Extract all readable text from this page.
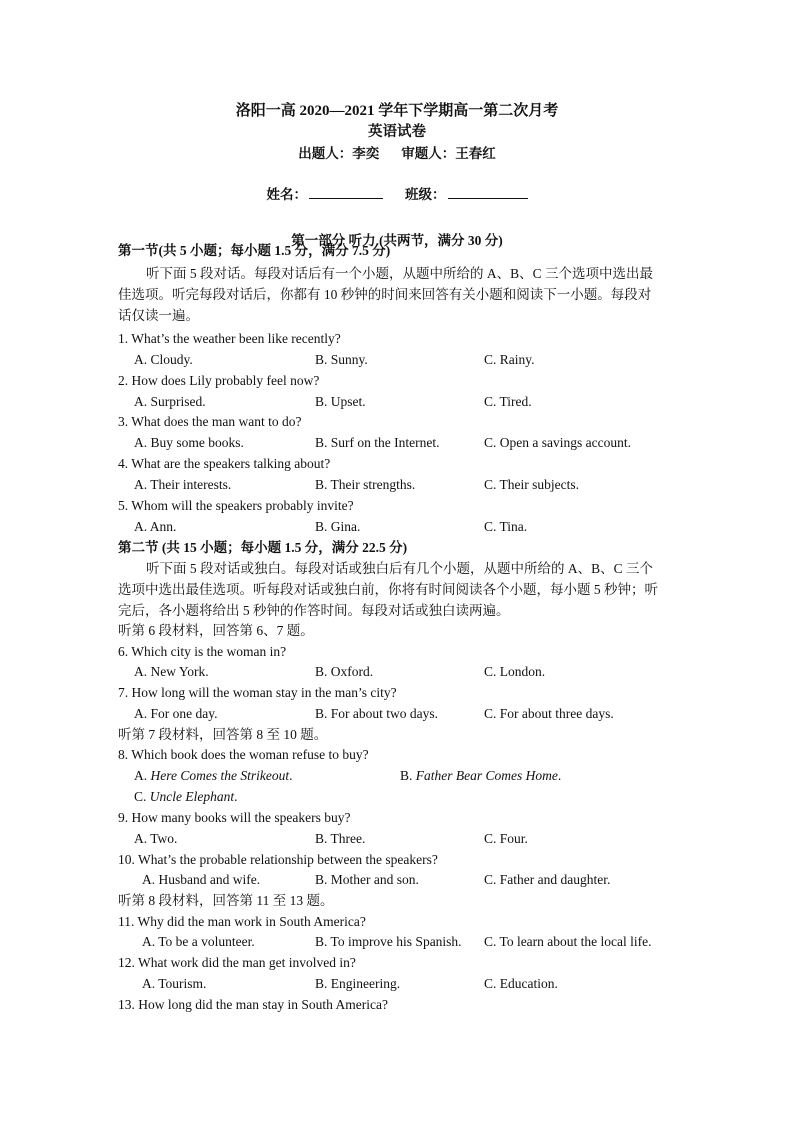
洛阳一高 2020—2021 学年下学期高一第二次月考
英语试卷
出题人：李奕 审题人：王春红
姓名：	班级：
第一部分 听力 (共两节，满分 30 分)
第一节(共 5 小题；每小题 1.5 分，满分 7.5 分)

听下面 5 段对话。每段对话后有一个小题，从题中所给的 A、B、C 三个选项中选出最

佳选项。听完每段对话后，你都有 10 秒钟的时间来回答有关小题和阅读下一小题。每段对

话仅读一遍。

1. What’s the weather been like recently?
A. Cloudy.	B. Sunny.	C. Rainy.
2. How does Lily probably feel now?
A. Surprised.	B. Upset.	C. Tired.
3. What does the man want to do?
A. Buy some books.	B. Surf on the Internet.	C. Open a savings account.
4. What are the speakers talking about?
A. Their interests.	B. Their strengths.	C. Their subjects.
5. Whom will the speakers probably invite?
A. Ann.	B. Gina.	C. Tina.
第二节 (共 15 小题；每小题 1.5 分，满分 22.5 分)

听下面 5 段对话或独白。每段对话或独白后有几个小题，从题中所给的 A、B、C 三个

选项中选出最佳选项。听每段对话或独白前，你将有时间阅读各个小题，每小题 5 秒钟；听

完后，各小题将给出 5 秒钟的作答时间。每段对话或独白读两遍。

听第 6 段材料，回答第 6、7 题。
6. Which city is the woman in?
A. New York.	B. Oxford.	C. London.
7. How long will the woman stay in the man’s city?
A. For one day.	B. For about two days.	C. For about three days.
听第 7 段材料，回答第 8 至 10 题。
8. Which book does the woman refuse to buy?
A. Here Comes the Strikeout.	B. Father Bear Comes Home.
C. Uncle Elephant.
9. How many books will the speakers buy?
A. Two.	B. Three.	C. Four.
10. What’s the probable relationship between the speakers?
A. Husband and wife.	B. Mother and son.	C. Father and daughter.
听第 8 段材料，回答第 11 至 13 题。
11. Why did the man work in South America?
A. To be a volunteer.	B. To improve his Spanish. C. To learn about the local life.
12. What work did the man get involved in?
A. Tourism.	B. Engineering.	C. Education.
13. How long did the man stay in South America?
